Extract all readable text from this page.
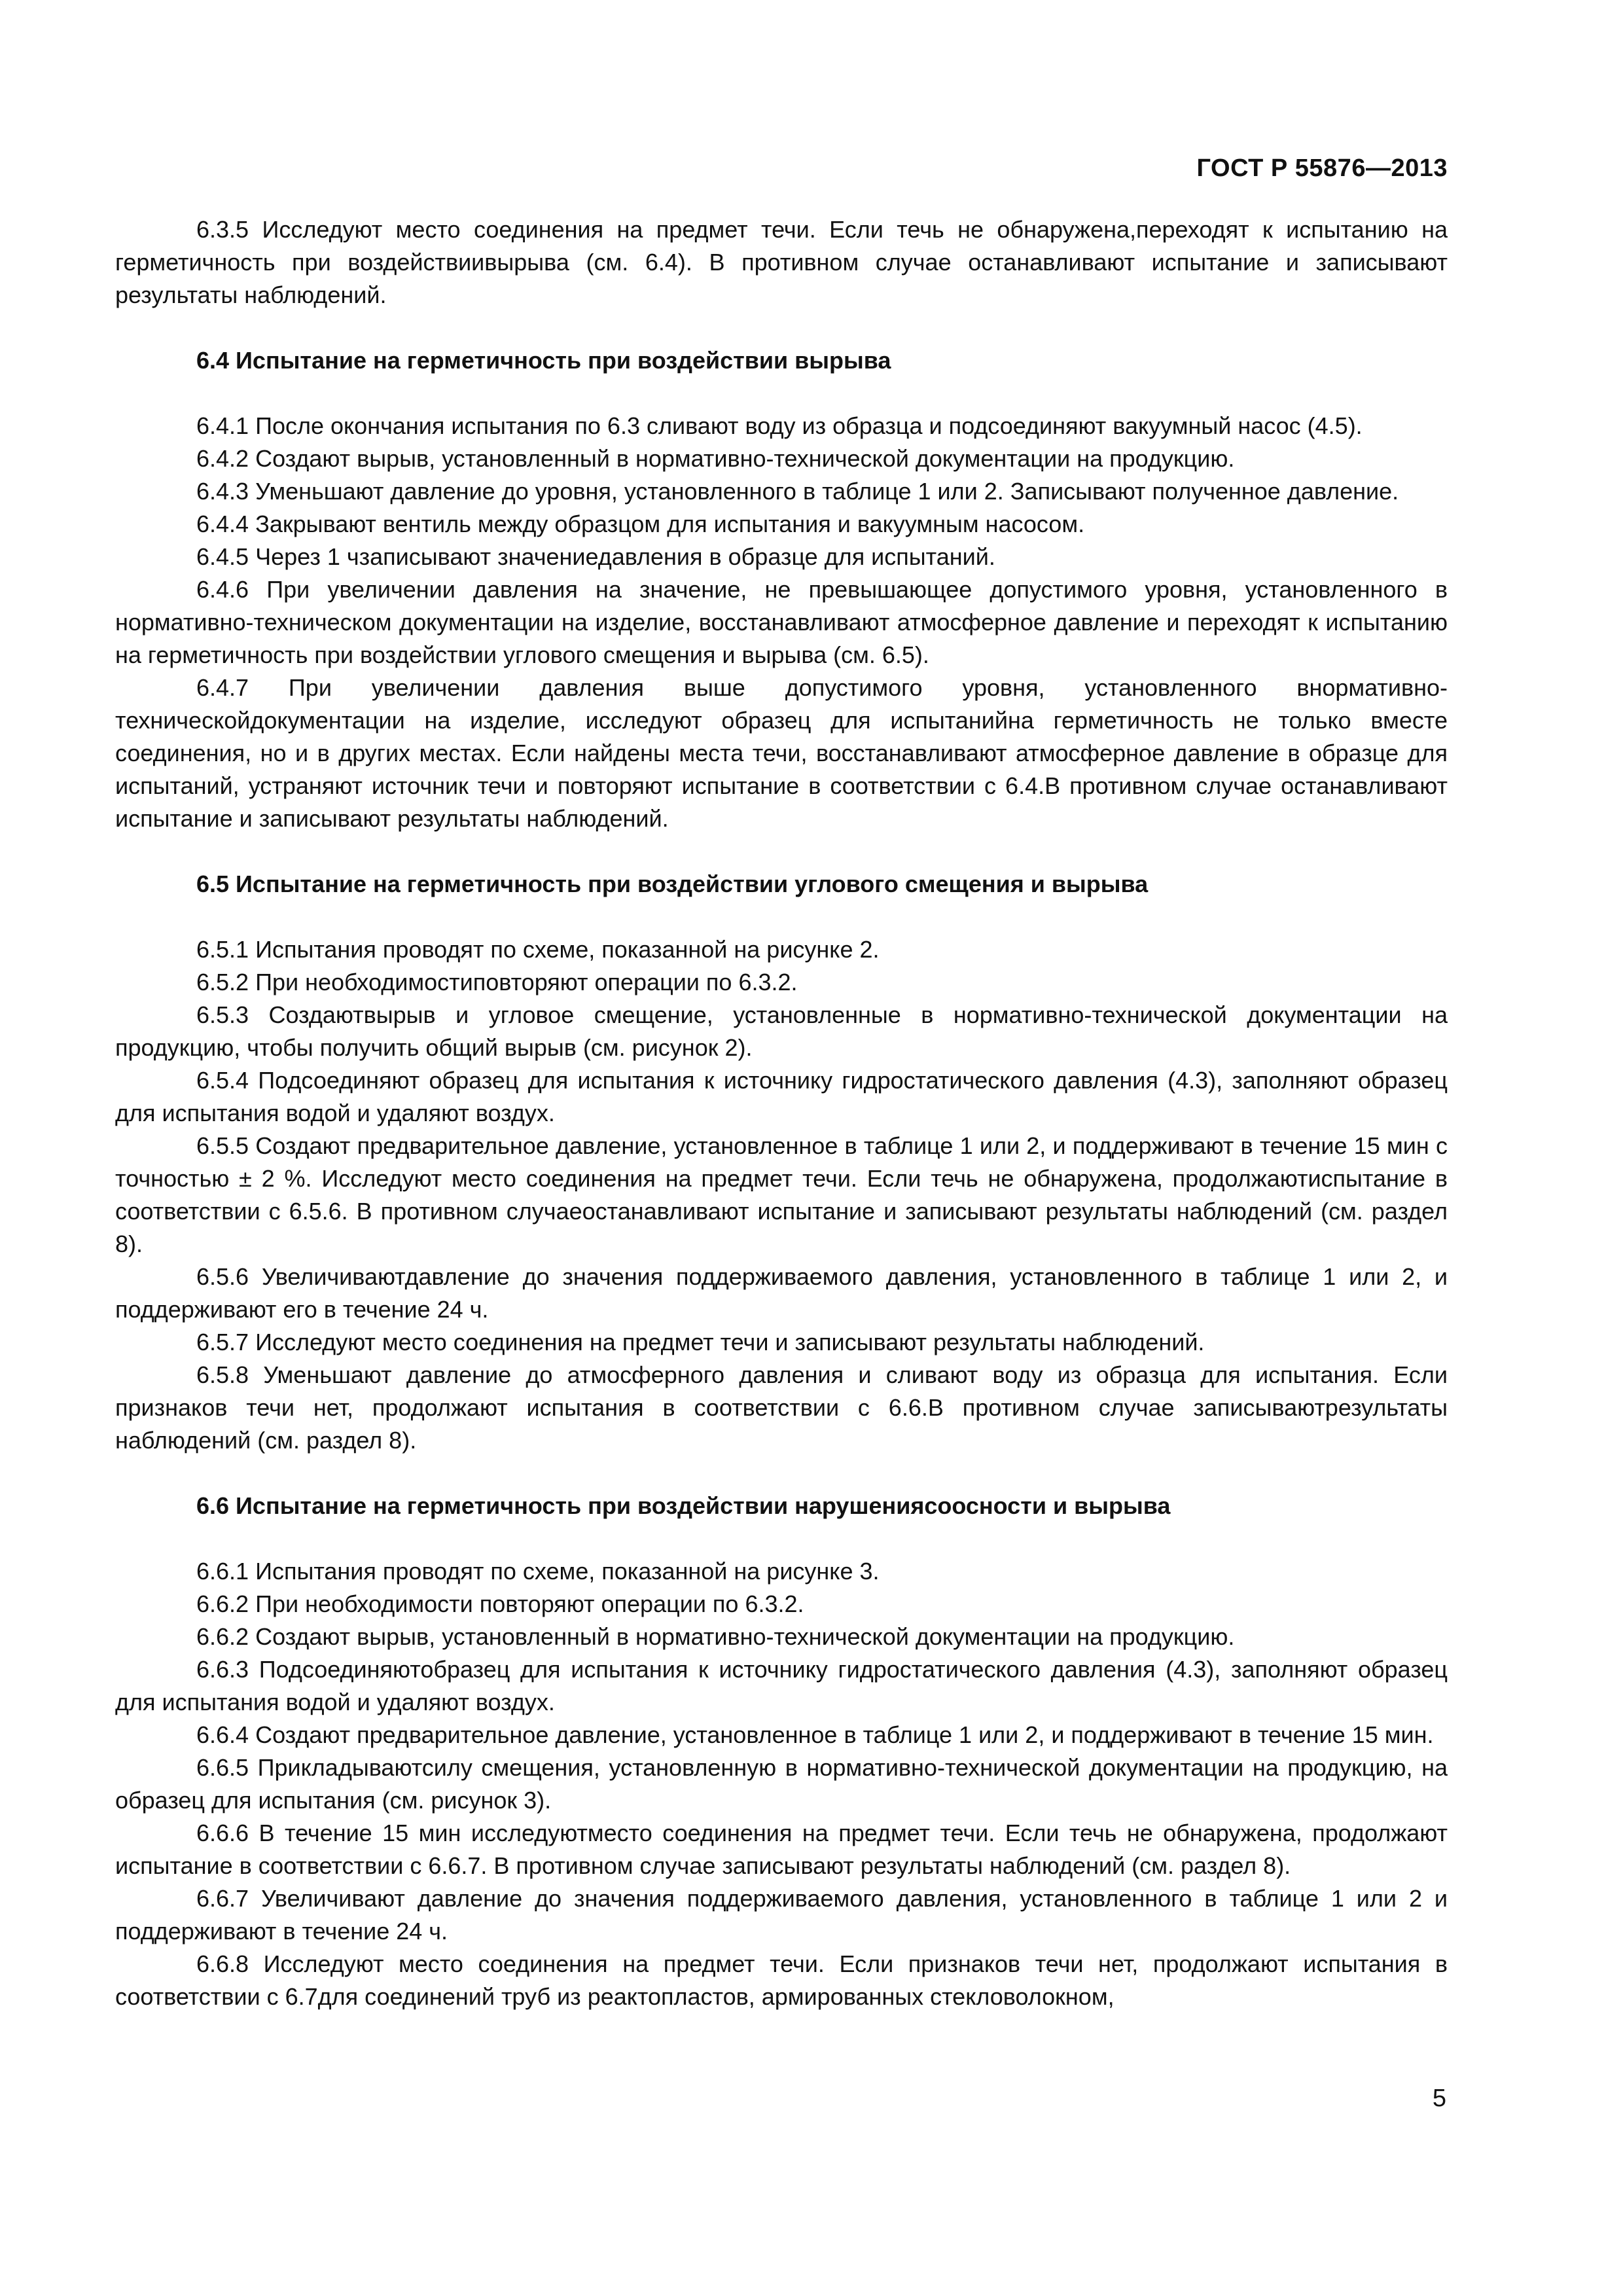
ГОСТ Р 55876—2013

6.3.5 Исследуют место соединения на предмет течи. Если течь не обнаружена,переходят к испытанию на герметичность при воздействиивырыва (см. 6.4). В противном случае останавливают испытание и записывают результаты наблюдений.

6.4 Испытание на герметичность при воздействии вырыва

6.4.1 После окончания испытания по 6.3 сливают воду из образца и подсоединяют вакуумный насос (4.5).

6.4.2 Создают вырыв, установленный в нормативно-технической документации на продукцию.

6.4.3 Уменьшают давление до уровня, установленного в таблице 1 или 2. Записывают полученное давление.

6.4.4 Закрывают вентиль между образцом для испытания и вакуумным насосом.

6.4.5 Через 1 чзаписывают значениедавления в образце для испытаний.

6.4.6 При увеличении давления на значение, не превышающее допустимого уровня, установленного в нормативно-техническом документации на изделие, восстанавливают атмосферное давление и переходят к испытанию на герметичность при воздействии углового смещения и вырыва (см. 6.5).

6.4.7 При увеличении давления выше допустимого уровня, установленного внормативно-техническойдокументации на изделие, исследуют образец для испытанийна герметичность не только вместе соединения, но и в других местах. Если найдены места течи, восстанавливают атмосферное давление в образце для испытаний, устраняют источник течи и повторяют испытание в соответствии с 6.4.В противном случае останавливают испытание и записывают результаты наблюдений.

6.5 Испытание на герметичность при воздействии углового смещения и вырыва

6.5.1 Испытания проводят по схеме, показанной на рисунке 2.

6.5.2 При необходимостиповторяют операции по 6.3.2.

6.5.3 Создаютвырыв и угловое смещение, установленные в нормативно-технической документации на продукцию, чтобы получить общий вырыв (см. рисунок 2).

6.5.4 Подсоединяют образец для испытания к источнику гидростатического давления (4.3), заполняют образец для испытания водой и удаляют воздух.

6.5.5 Создают предварительное давление, установленное в таблице 1 или 2, и поддерживают в течение 15 мин с точностью ± 2 %. Исследуют место соединения на предмет течи. Если течь не обнаружена, продолжаютиспытание в соответствии с 6.5.6. В противном случаеостанавливают испытание и записывают результаты наблюдений (см. раздел 8).

6.5.6 Увеличиваютдавление до значения поддерживаемого давления, установленного в таблице 1 или 2, и поддерживают его в течение 24 ч.

6.5.7 Исследуют место соединения на предмет течи и записывают результаты наблюдений.

6.5.8 Уменьшают давление до атмосферного давления и сливают воду из образца для испытания. Если признаков течи нет, продолжают испытания в соответствии с 6.6.В противном случае записываютрезультаты наблюдений (см. раздел 8).

6.6 Испытание на герметичность при воздействии нарушениясоосности и вырыва

6.6.1 Испытания проводят по схеме, показанной на рисунке 3.

6.6.2 При необходимости повторяют операции по 6.3.2.

6.6.2 Создают вырыв, установленный в нормативно-технической документации на продукцию.

6.6.3 Подсоединяютобразец для испытания к источнику гидростатического давления (4.3), заполняют образец для испытания водой и удаляют воздух.

6.6.4 Создают предварительное давление, установленное в таблице 1 или 2, и поддерживают в течение 15 мин.

6.6.5 Прикладываютсилу смещения, установленную в нормативно-технической документации на продукцию, на образец для испытания (см. рисунок 3).

6.6.6 В течение 15 мин исследуютместо соединения на предмет течи. Если течь не обнаружена, продолжают испытание в соответствии с 6.6.7. В противном случае записывают результаты наблюдений (см. раздел 8).

6.6.7 Увеличивают давление до значения поддерживаемого давления, установленного в таблице 1 или 2 и поддерживают в течение 24 ч.

6.6.8 Исследуют место соединения на предмет течи. Если признаков течи нет, продолжают испытания в соответствии с 6.7для соединений труб из реактопластов, армированных стекловолокном,

5
